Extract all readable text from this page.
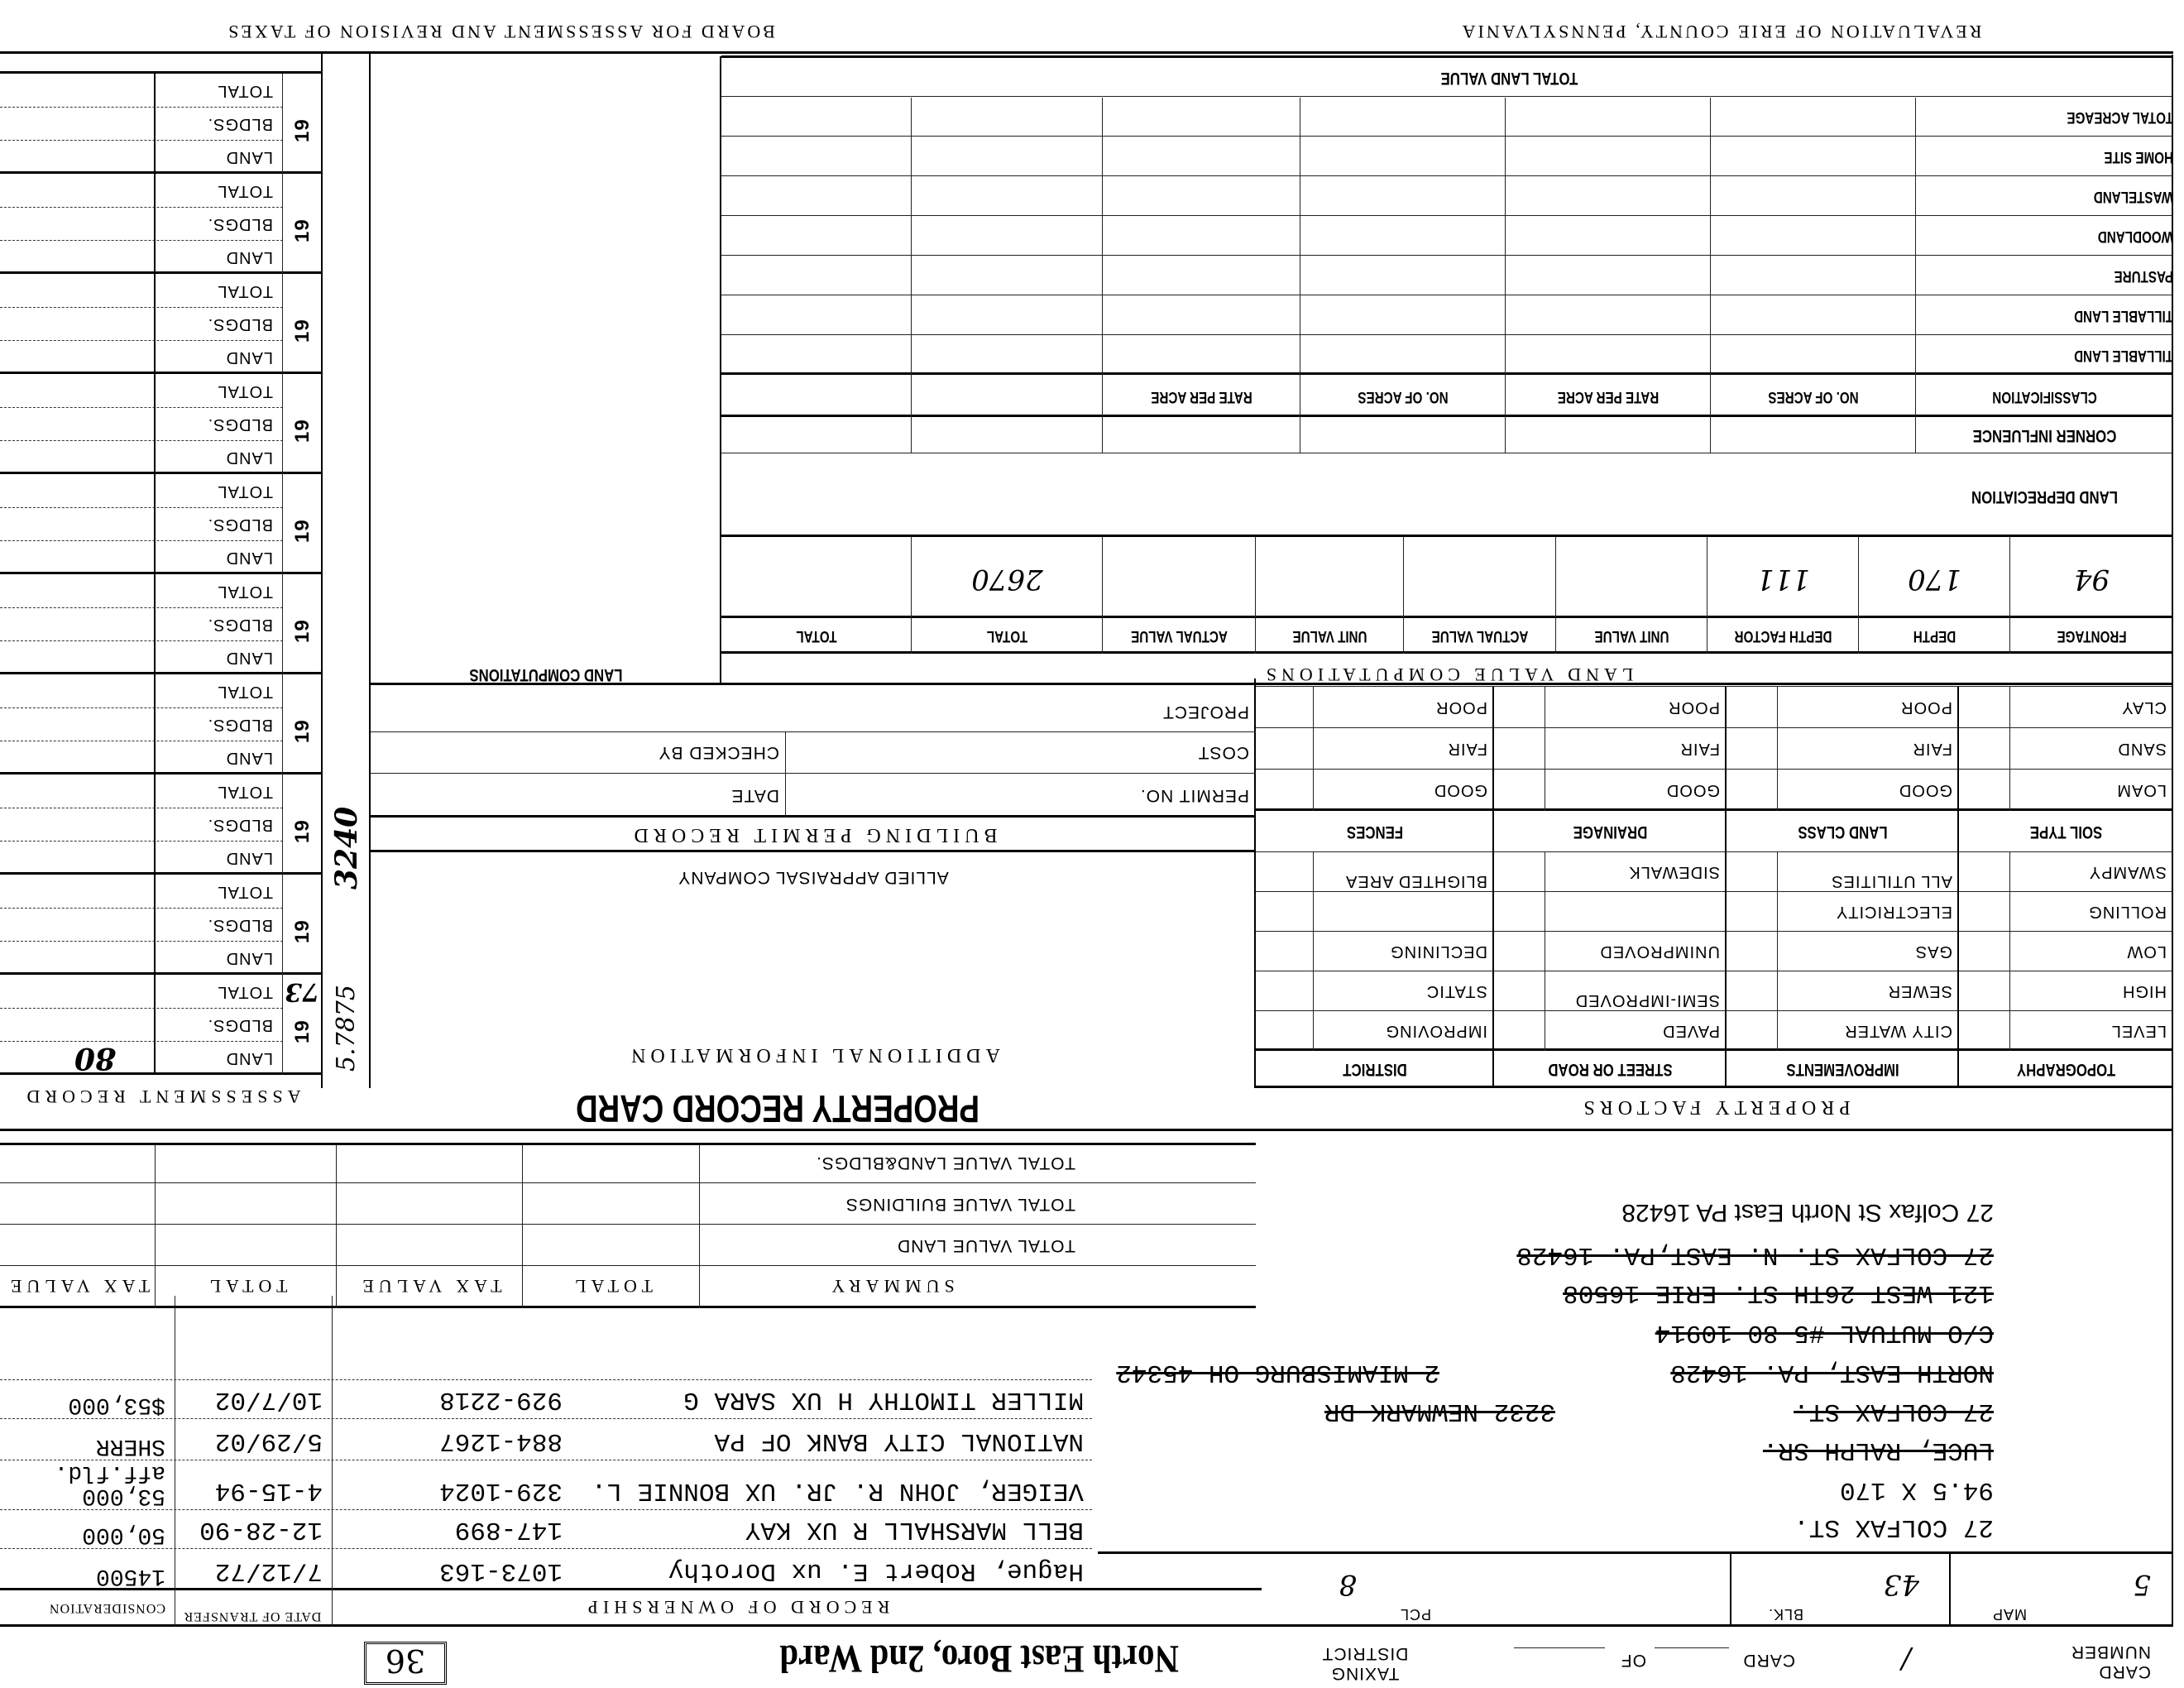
CARD NUMBER
/
CARD
OF
TAXING DISTRICT
North East Boro, 2nd Ward
36
MAP
5
BLK.
43
PCL
8
27 COLFAX ST.
94.5 X 170
LUCE, RALPH SR.
27 COLFAX ST.
3232 NEWMARK DR
NORTH EAST, PA. 16428
2 MIAMISBURG OH 45342
C/O MUTUAL #5-80-10914
121 WEST 26TH ST. ERIE 16508
27 COLFAX ST. N. EAST,PA. 16428
27 Colfax St North East PA 16428
RECORD OF OWNERSHIP
DATE OF TRANSFER
CONSIDERATION
Hague, Robert E. ux Dorothy
1073-163
7/12/72
14500
BELL MARSHALL R UX KAY
147-899
12-28-90
50,000
VEIGER, JOHN R. JR. UX BONNIE L.
329-1024
4-15-94
53,000 aff.fld.
NATIONAL CITY BANK OF PA
884-1267
5/29/02
SHERR
MILLER TIMOTHY H UX SARA G
929-2218
10/7/02
$53,000
SUMMARY
TOTAL
TAX VALUE
TOTAL
TAX VALUE
TOTAL VALUE LAND
TOTAL VALUE BUILDINGS
TOTAL VALUE LAND&BLDGS.
PROPERTY RECORD CARD
ASSESSMENT RECORD	PROPERTY FACTORS
TOPOGRAPHY
IMPROVEMENTS
STREET OR ROAD
DISTRICT
LEVEL
CITY WATER
PAVED
IMPROVING
HIGH
SEWER
SEMI-IMPROVED
STATIC
LOW
GAS
UNIMPROVED
DECLINING
ROLLING
ELECTRICITY
SWAMPY
ALL UTILITIES
SIDEWALK
BLIGHTED AREA
SOIL TYPE
LAND CLASS
DRAINAGE
FENCES
LOAM
GOOD
GOOD
GOOD
SAND
FAIR
FAIR
FAIR
CLAY
POOR
POOR
POOR
ADDITIONAL INFORMATION
ALLIED APPRAISAL COMPANY
BUILDING PERMIT RECORD
PERMIT NO.
DATE
COST
CHECKED BY
PROJECT
LAND COMPUTATIONS	LAND VALUE COMPUTATIONS
FRONTAGE
94
DEPTH
170
DEPTH FACTOR
111
UNIT VALUE
ACTUAL VALUE
UNIT VALUE
ACTUAL VALUE
TOTAL
2670
TOTAL
LAND DEPRECIATION
CORNER INFLUENCE
CLASSIFICATION
NO. OF ACRES
RATE PER ACRE
NO. OF ACRES
RATE PER ACRE
TILLABLE LAND
TILLABLE LAND
PASTURE
WOODLAND
WASTELAND
HOME SITE
TOTAL ACREAGE
TOTAL LAND VALUE
19
LAND
BLDGS.
TOTAL
19
LAND
BLDGS.
TOTAL
19
LAND
BLDGS.
TOTAL
19
LAND
BLDGS.
TOTAL
19
LAND
BLDGS.
TOTAL
19
LAND
BLDGS.
TOTAL
19
LAND
BLDGS.
TOTAL
19
LAND
BLDGS.
TOTAL
19
LAND
BLDGS.
TOTAL
19
LAND
BLDGS.
TOTAL
73 5.7875
3240
80
REVALUATION OF ERIE COUNTY, PENNSYLVANIA
BOARD FOR ASSESSMENT AND REVISION OF TAXES
